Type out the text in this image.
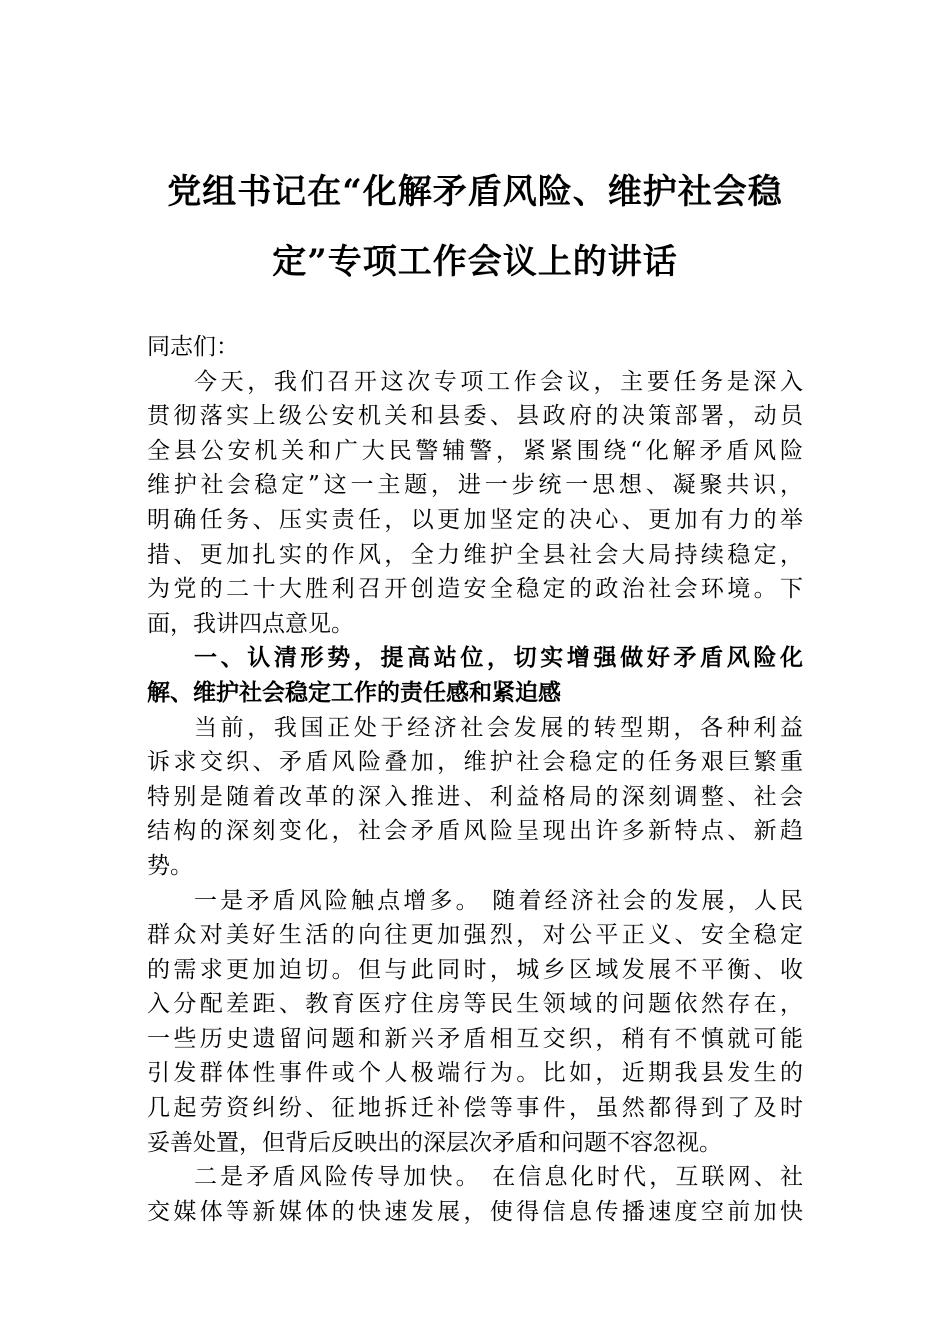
党组书记在“化解矛盾风险、维护社会稳
定”专项工作会议上的讲话
同志们：
今天，我们召开这次专项工作会议，主要任务是深入
贯彻落实上级公安机关和县委、县政府的决策部署，动员
全县公安机关和广大民警辅警，紧紧围绕“化解矛盾风险
维护社会稳定”这一主题，进一步统一思想、凝聚共识，
明确任务、压实责任，以更加坚定的决心、更加有力的举
措、更加扎实的作风，全力维护全县社会大局持续稳定，
为党的二十大胜利召开创造安全稳定的政治社会环境。下
面，我讲四点意见。
一、认清形势，提高站位，切实增强做好矛盾风险化
解、维护社会稳定工作的责任感和紧迫感
当前，我国正处于经济社会发展的转型期，各种利益
诉求交织、矛盾风险叠加，维护社会稳定的任务艰巨繁重
特别是随着改革的深入推进、利益格局的深刻调整、社会
结构的深刻变化，社会矛盾风险呈现出许多新特点、新趋
势。
一是矛盾风险触点增多。 随着经济社会的发展，人民
群众对美好生活的向往更加强烈，对公平正义、安全稳定
的需求更加迫切。但与此同时，城乡区域发展不平衡、收
入分配差距、教育医疗住房等民生领域的问题依然存在，
一些历史遗留问题和新兴矛盾相互交织，稍有不慎就可能
引发群体性事件或个人极端行为。比如，近期我县发生的
几起劳资纠纷、征地拆迁补偿等事件，虽然都得到了及时
妥善处置，但背后反映出的深层次矛盾和问题不容忽视。
二是矛盾风险传导加快。 在信息化时代，互联网、社
交媒体等新媒体的快速发展，使得信息传播速度空前加快
